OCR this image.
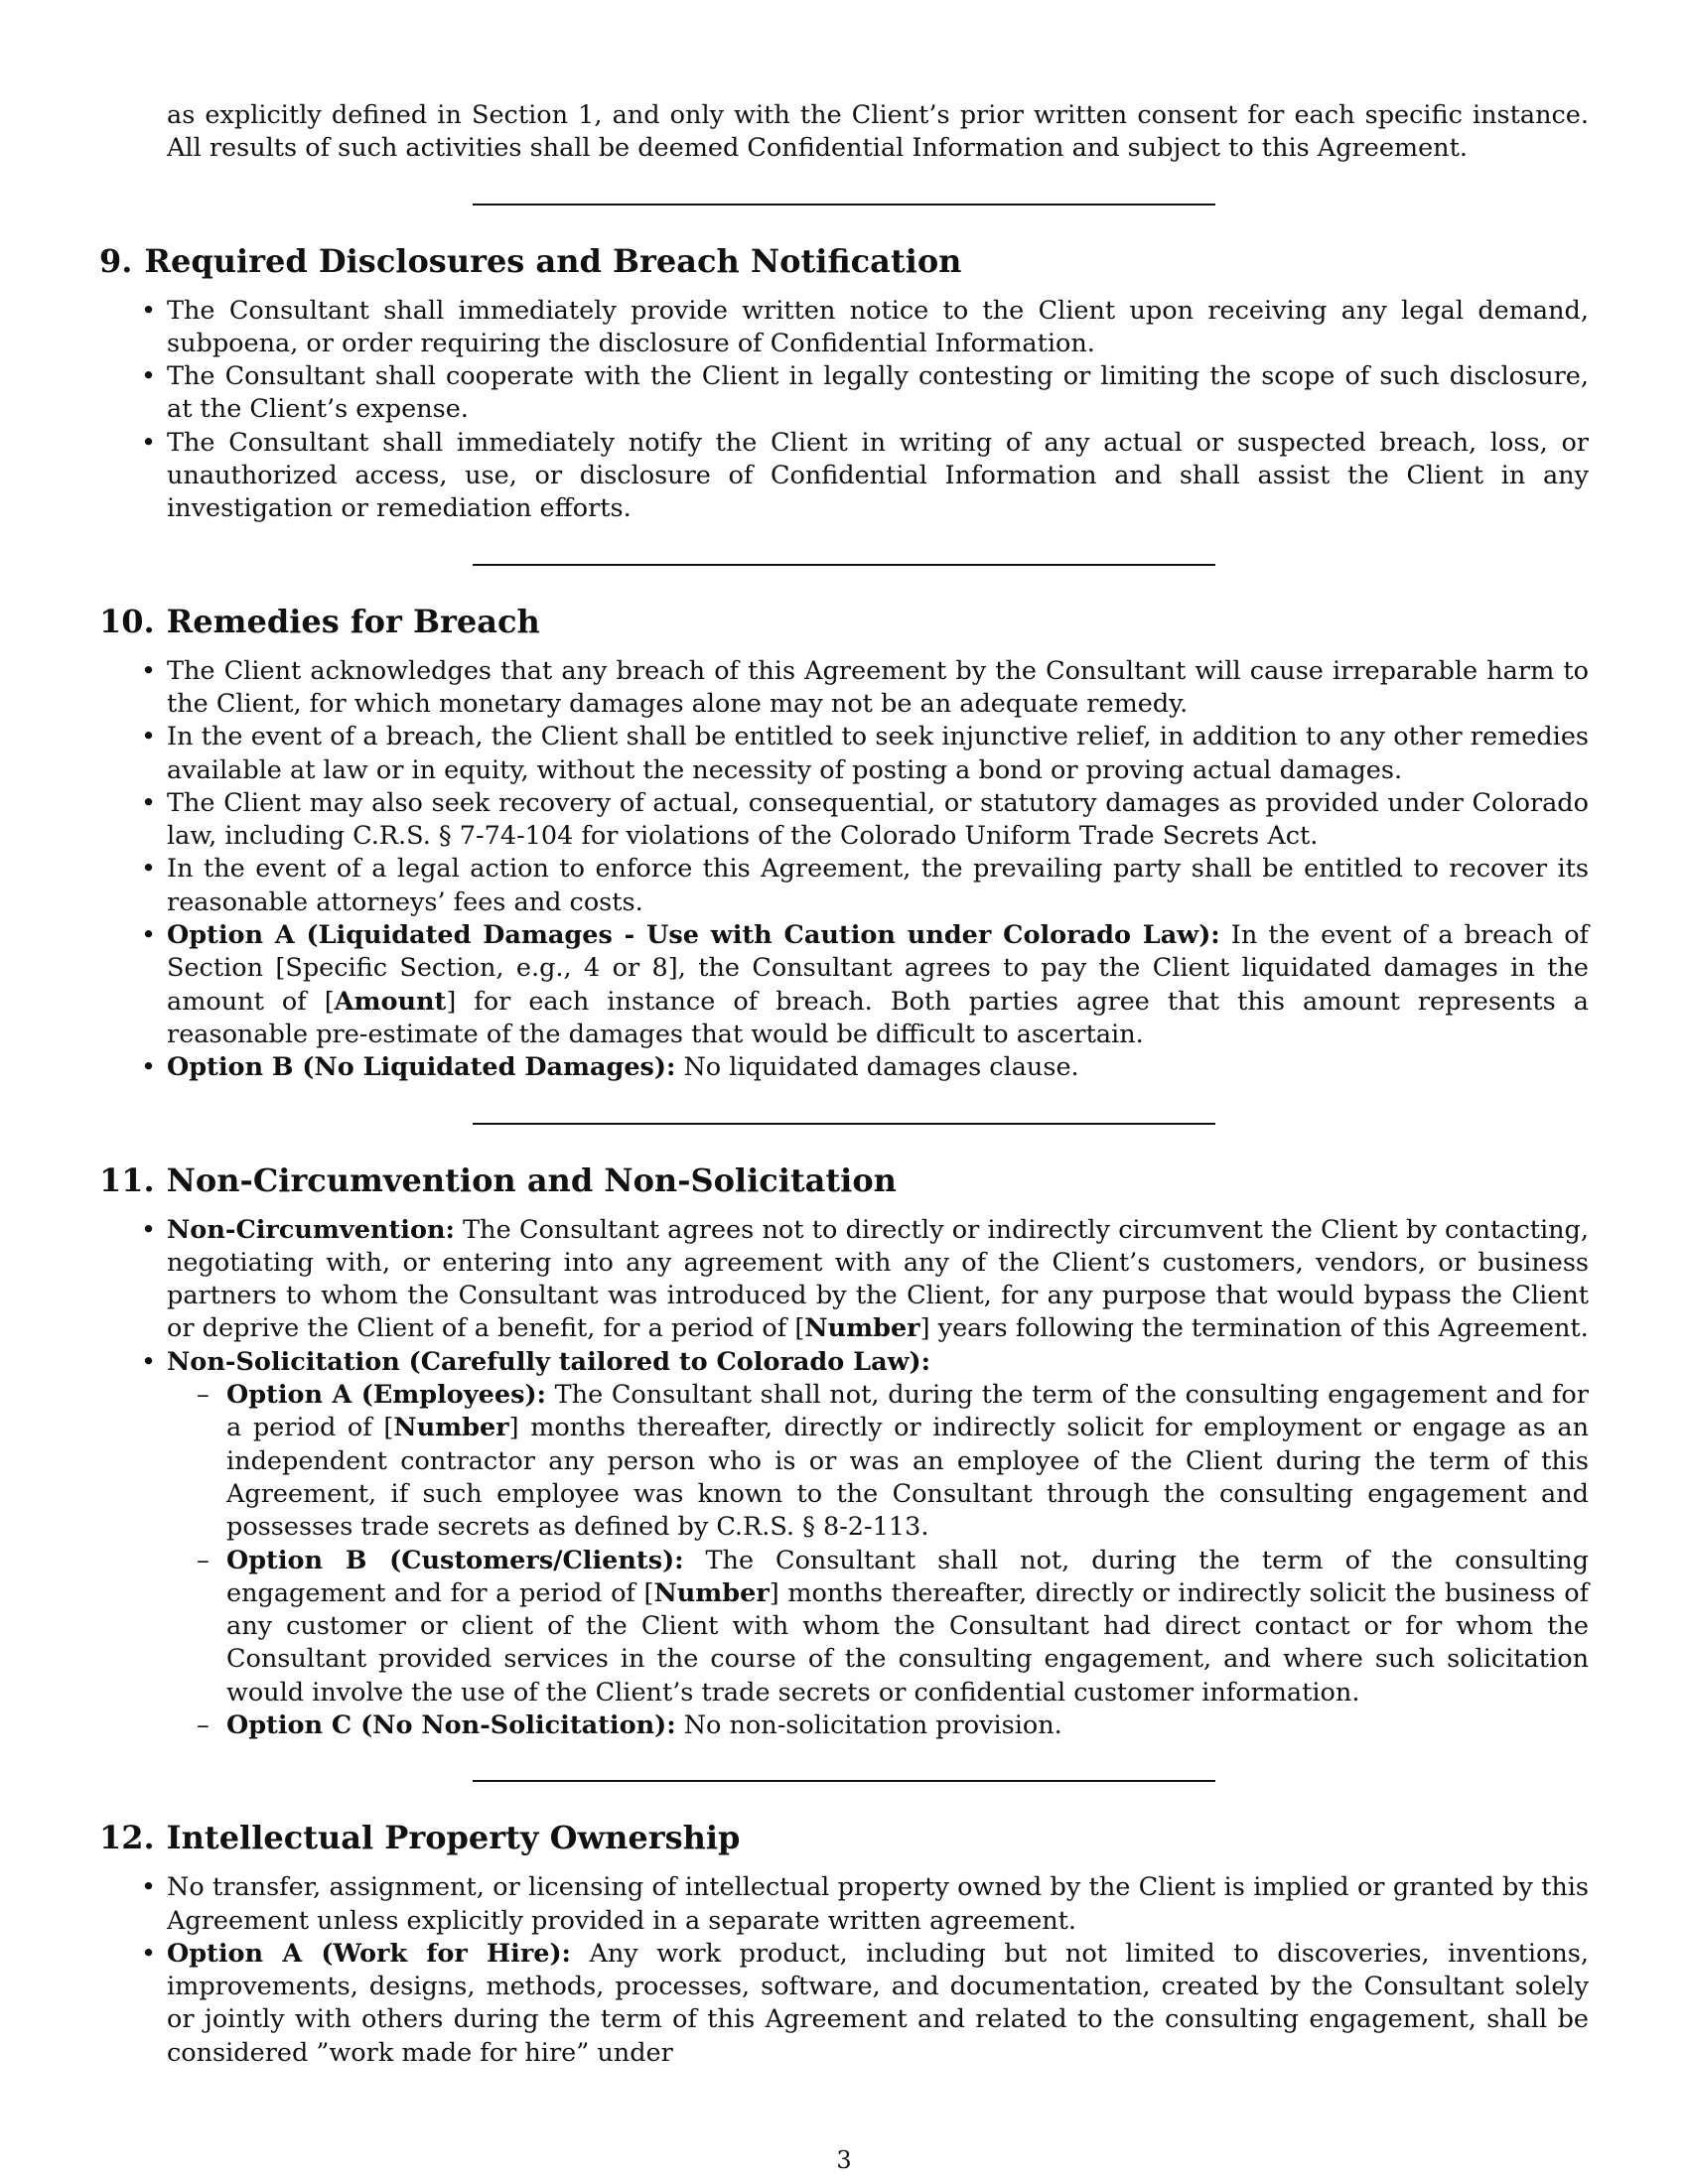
as explicitly defined in Section 1, and only with the Client’s prior written consent for each specific instance. All results of such activities shall be deemed Confidential Information and subject to this Agreement.

9. Required Disclosures and Breach Notification
• The Consultant shall immediately provide written notice to the Client upon receiving any legal demand, subpoena, or order requiring the disclosure of Confidential Information.
• The Consultant shall cooperate with the Client in legally contesting or limiting the scope of such disclosure, at the Client’s expense.
• The Consultant shall immediately notify the Client in writing of any actual or suspected breach, loss, or unauthorized access, use, or disclosure of Confidential Information and shall assist the Client in any investigation or remediation efforts.
10. Remedies for Breach
• The Client acknowledges that any breach of this Agreement by the Consultant will cause irreparable harm to the Client, for which monetary damages alone may not be an adequate remedy.
• In the event of a breach, the Client shall be entitled to seek injunctive relief, in addition to any other remedies available at law or in equity, without the necessity of posting a bond or proving actual damages.
• The Client may also seek recovery of actual, consequential, or statutory damages as provided under Colorado law, including C.R.S. § 7-74-104 for violations of the Colorado Uniform Trade Secrets Act.
• In the event of a legal action to enforce this Agreement, the prevailing party shall be entitled to recover its reasonable attorneys’ fees and costs.
• Option A (Liquidated Damages - Use with Caution under Colorado Law): In the event of a breach of Section [Specific Section, e.g., 4 or 8], the Consultant agrees to pay the Client liquidated damages in the amount of [Amount] for each instance of breach. Both parties agree that this amount represents a reasonable pre-estimate of the damages that would be difficult to ascertain.
• Option B (No Liquidated Damages): No liquidated damages clause.
11. Non-Circumvention and Non-Solicitation
• Non-Circumvention: The Consultant agrees not to directly or indirectly circumvent the Client by contacting, negotiating with, or entering into any agreement with any of the Client’s customers, vendors, or business partners to whom the Consultant was introduced by the Client, for any purpose that would bypass the Client or deprive the Client of a benefit, for a period of [Number] years following the termination of this Agreement.
• Non-Solicitation (Carefully tailored to Colorado Law):
– Option A (Employees): The Consultant shall not, during the term of the consulting engagement and for a period of [Number] months thereafter, directly or indirectly solicit for employment or engage as an independent contractor any person who is or was an employee of the Client during the term of this Agreement, if such employee was known to the Consultant through the consulting engagement and possesses trade secrets as defined by C.R.S. § 8-2-113.
– Option B (Customers/Clients): The Consultant shall not, during the term of the consulting engagement and for a period of [Number] months thereafter, directly or indirectly solicit the business of any customer or client of the Client with whom the Consultant had direct contact or for whom the Consultant provided services in the course of the consulting engagement, and where such solicitation would involve the use of the Client’s trade secrets or confidential customer information.
– Option C (No Non-Solicitation): No non-solicitation provision.
12. Intellectual Property Ownership
• No transfer, assignment, or licensing of intellectual property owned by the Client is implied or granted by this Agreement unless explicitly provided in a separate written agreement.
• Option A (Work for Hire): Any work product, including but not limited to discoveries, inventions, improvements, designs, methods, processes, software, and documentation, created by the Consultant solely or jointly with others during the term of this Agreement and related to the consulting engagement, shall be considered ”work made for hire” under
3
